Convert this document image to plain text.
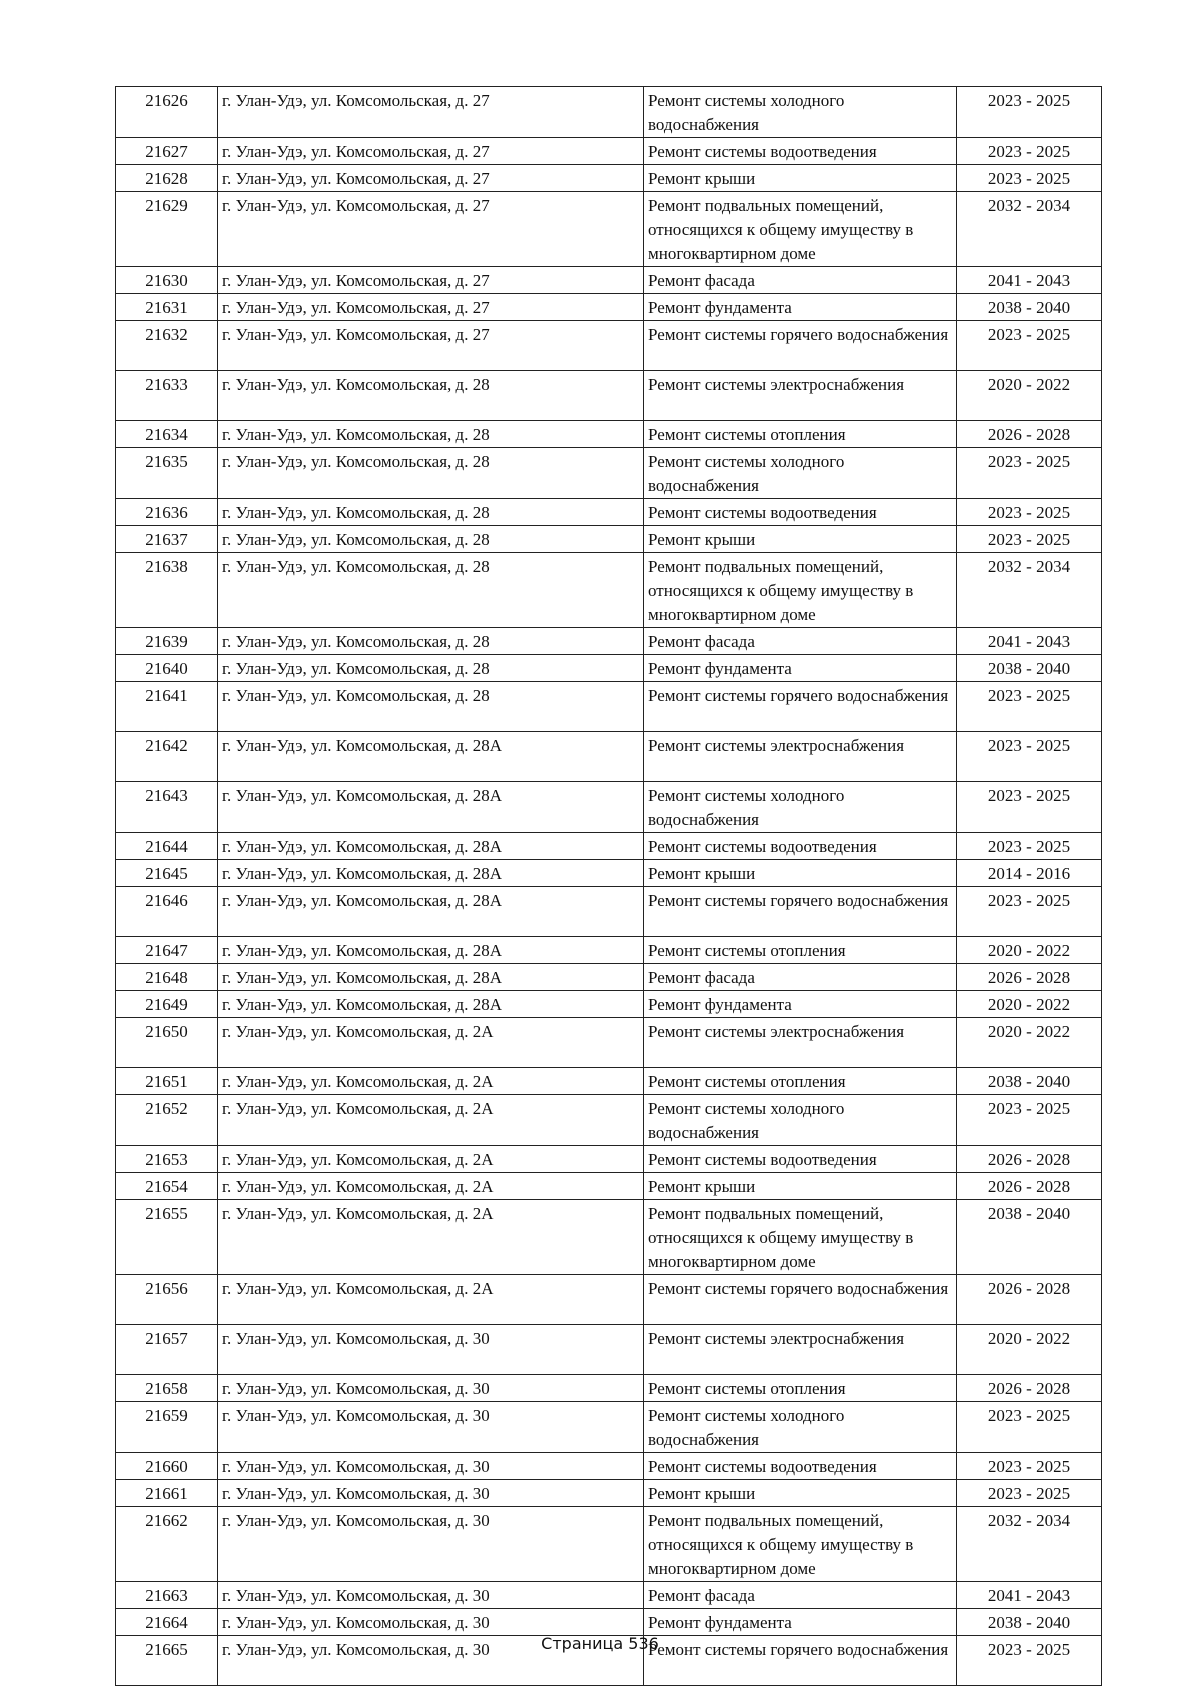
21626	г. Улан-Удэ, ул. Комсомольская, д. 27	Ремонт системы холодного водоснабжения	2023 - 2025
21627	г. Улан-Удэ, ул. Комсомольская, д. 27	Ремонт системы водоотведения	2023 - 2025
21628	г. Улан-Удэ, ул. Комсомольская, д. 27	Ремонт крыши	2023 - 2025
21629	г. Улан-Удэ, ул. Комсомольская, д. 27	Ремонт подвальных помещений, относящихся к общему имуществу в многоквартирном доме	2032 - 2034
21630	г. Улан-Удэ, ул. Комсомольская, д. 27	Ремонт фасада	2041 - 2043
21631	г. Улан-Удэ, ул. Комсомольская, д. 27	Ремонт фундамента	2038 - 2040
21632	г. Улан-Удэ, ул. Комсомольская, д. 27	Ремонт системы горячего водоснабжения	2023 - 2025
21633	г. Улан-Удэ, ул. Комсомольская, д. 28	Ремонт системы электроснабжения	2020 - 2022
21634	г. Улан-Удэ, ул. Комсомольская, д. 28	Ремонт системы отопления	2026 - 2028
21635	г. Улан-Удэ, ул. Комсомольская, д. 28	Ремонт системы холодного водоснабжения	2023 - 2025
21636	г. Улан-Удэ, ул. Комсомольская, д. 28	Ремонт системы водоотведения	2023 - 2025
21637	г. Улан-Удэ, ул. Комсомольская, д. 28	Ремонт крыши	2023 - 2025
21638	г. Улан-Удэ, ул. Комсомольская, д. 28	Ремонт подвальных помещений, относящихся к общему имуществу в многоквартирном доме	2032 - 2034
21639	г. Улан-Удэ, ул. Комсомольская, д. 28	Ремонт фасада	2041 - 2043
21640	г. Улан-Удэ, ул. Комсомольская, д. 28	Ремонт фундамента	2038 - 2040
21641	г. Улан-Удэ, ул. Комсомольская, д. 28	Ремонт системы горячего водоснабжения	2023 - 2025
21642	г. Улан-Удэ, ул. Комсомольская, д. 28А	Ремонт системы электроснабжения	2023 - 2025
21643	г. Улан-Удэ, ул. Комсомольская, д. 28А	Ремонт системы холодного водоснабжения	2023 - 2025
21644	г. Улан-Удэ, ул. Комсомольская, д. 28А	Ремонт системы водоотведения	2023 - 2025
21645	г. Улан-Удэ, ул. Комсомольская, д. 28А	Ремонт крыши	2014 - 2016
21646	г. Улан-Удэ, ул. Комсомольская, д. 28А	Ремонт системы горячего водоснабжения	2023 - 2025
21647	г. Улан-Удэ, ул. Комсомольская, д. 28А	Ремонт системы отопления	2020 - 2022
21648	г. Улан-Удэ, ул. Комсомольская, д. 28А	Ремонт фасада	2026 - 2028
21649	г. Улан-Удэ, ул. Комсомольская, д. 28А	Ремонт фундамента	2020 - 2022
21650	г. Улан-Удэ, ул. Комсомольская, д. 2А	Ремонт системы электроснабжения	2020 - 2022
21651	г. Улан-Удэ, ул. Комсомольская, д. 2А	Ремонт системы отопления	2038 - 2040
21652	г. Улан-Удэ, ул. Комсомольская, д. 2А	Ремонт системы холодного водоснабжения	2023 - 2025
21653	г. Улан-Удэ, ул. Комсомольская, д. 2А	Ремонт системы водоотведения	2026 - 2028
21654	г. Улан-Удэ, ул. Комсомольская, д. 2А	Ремонт крыши	2026 - 2028
21655	г. Улан-Удэ, ул. Комсомольская, д. 2А	Ремонт подвальных помещений, относящихся к общему имуществу в многоквартирном доме	2038 - 2040
21656	г. Улан-Удэ, ул. Комсомольская, д. 2А	Ремонт системы горячего водоснабжения	2026 - 2028
21657	г. Улан-Удэ, ул. Комсомольская, д. 30	Ремонт системы электроснабжения	2020 - 2022
21658	г. Улан-Удэ, ул. Комсомольская, д. 30	Ремонт системы отопления	2026 - 2028
21659	г. Улан-Удэ, ул. Комсомольская, д. 30	Ремонт системы холодного водоснабжения	2023 - 2025
21660	г. Улан-Удэ, ул. Комсомольская, д. 30	Ремонт системы водоотведения	2023 - 2025
21661	г. Улан-Удэ, ул. Комсомольская, д. 30	Ремонт крыши	2023 - 2025
21662	г. Улан-Удэ, ул. Комсомольская, д. 30	Ремонт подвальных помещений, относящихся к общему имуществу в многоквартирном доме	2032 - 2034
21663	г. Улан-Удэ, ул. Комсомольская, д. 30	Ремонт фасада	2041 - 2043
21664	г. Улан-Удэ, ул. Комсомольская, д. 30	Ремонт фундамента	2038 - 2040
21665	г. Улан-Удэ, ул. Комсомольская, д. 30	Ремонт системы горячего водоснабжения	2023 - 2025
Страница 536
